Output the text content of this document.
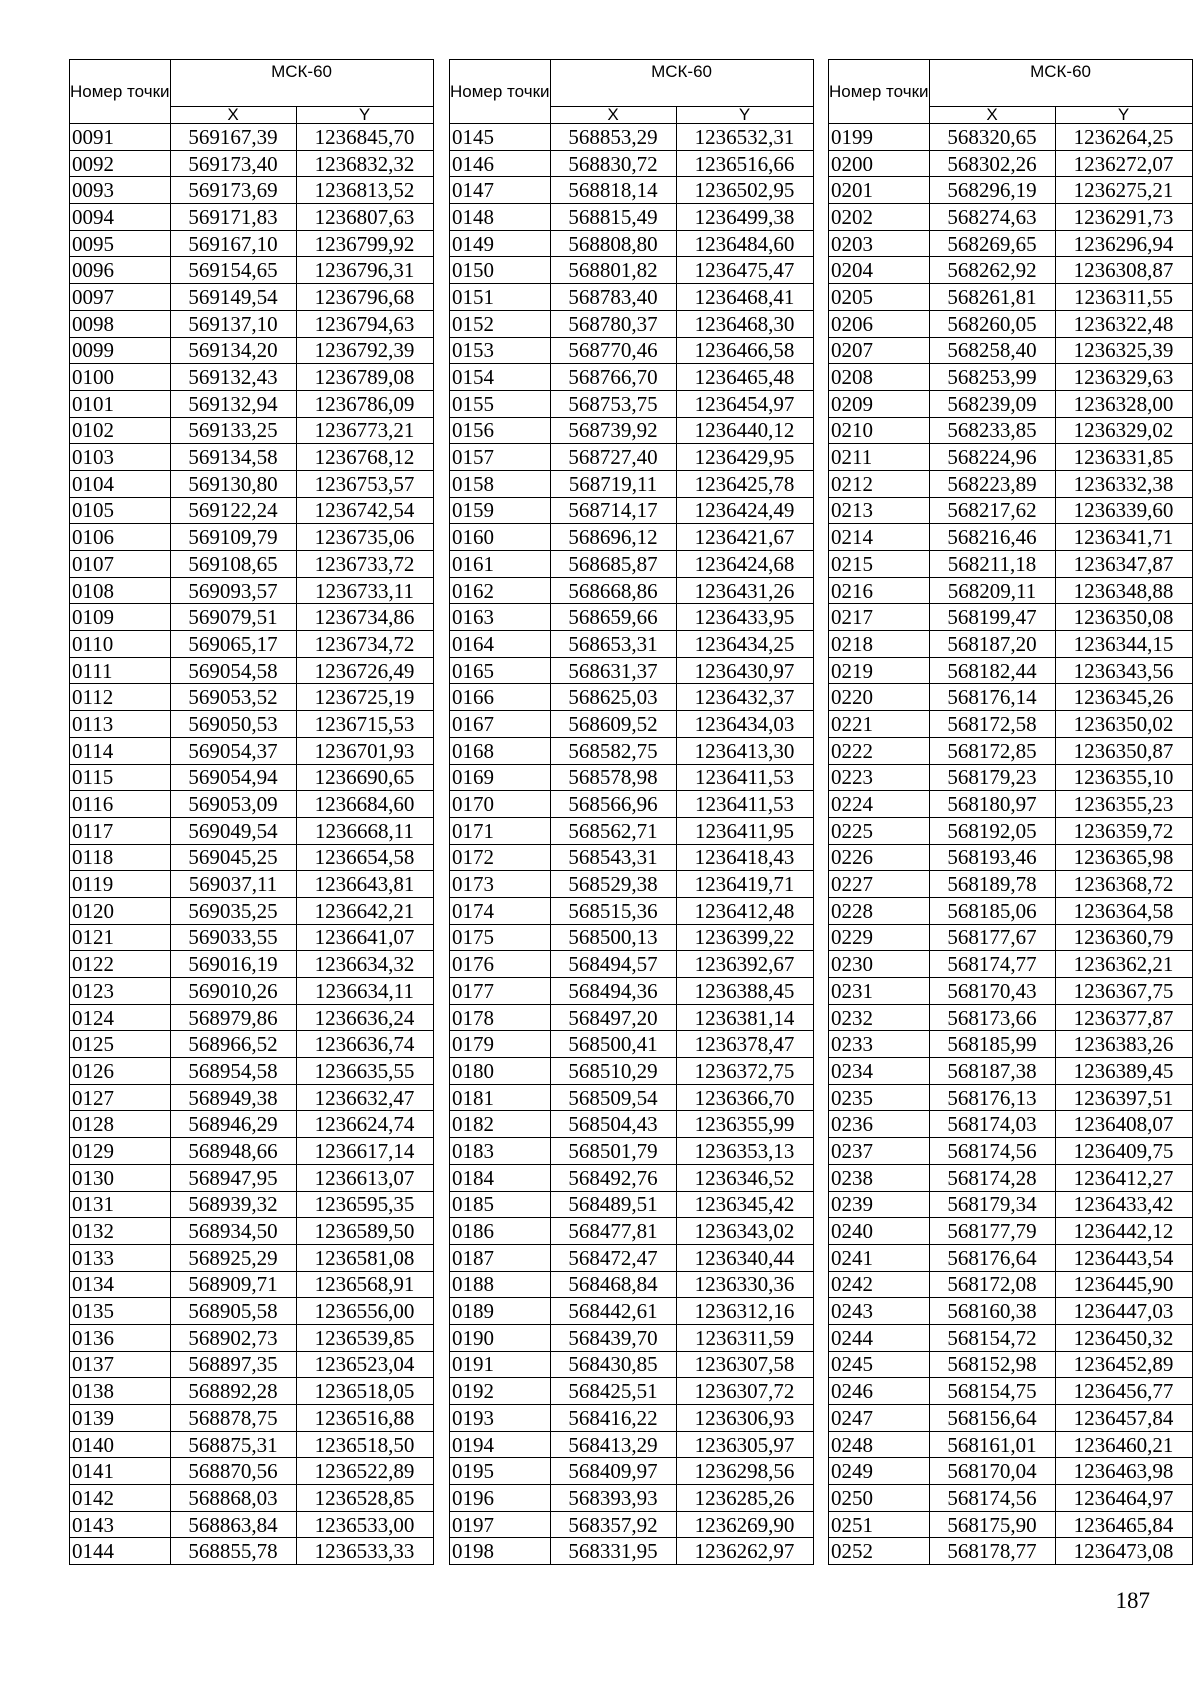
Номер точки	МСК-60	
	X	Y
0091	569167,39	1236845,70
0092	569173,40	1236832,32
0093	569173,69	1236813,52
0094	569171,83	1236807,63
0095	569167,10	1236799,92
0096	569154,65	1236796,31
0097	569149,54	1236796,68
0098	569137,10	1236794,63
0099	569134,20	1236792,39
0100	569132,43	1236789,08
0101	569132,94	1236786,09
0102	569133,25	1236773,21
0103	569134,58	1236768,12
0104	569130,80	1236753,57
0105	569122,24	1236742,54
0106	569109,79	1236735,06
0107	569108,65	1236733,72
0108	569093,57	1236733,11
0109	569079,51	1236734,86
0110	569065,17	1236734,72
0111	569054,58	1236726,49
0112	569053,52	1236725,19
0113	569050,53	1236715,53
0114	569054,37	1236701,93
0115	569054,94	1236690,65
0116	569053,09	1236684,60
0117	569049,54	1236668,11
0118	569045,25	1236654,58
0119	569037,11	1236643,81
0120	569035,25	1236642,21
0121	569033,55	1236641,07
0122	569016,19	1236634,32
0123	569010,26	1236634,11
0124	568979,86	1236636,24
0125	568966,52	1236636,74
0126	568954,58	1236635,55
0127	568949,38	1236632,47
0128	568946,29	1236624,74
0129	568948,66	1236617,14
0130	568947,95	1236613,07
0131	568939,32	1236595,35
0132	568934,50	1236589,50
0133	568925,29	1236581,08
0134	568909,71	1236568,91
0135	568905,58	1236556,00
0136	568902,73	1236539,85
0137	568897,35	1236523,04
0138	568892,28	1236518,05
0139	568878,75	1236516,88
0140	568875,31	1236518,50
0141	568870,56	1236522,89
0142	568868,03	1236528,85
0143	568863,84	1236533,00
0144	568855,78	1236533,33
Номер точки	МСК-60	
	X	Y
0145	568853,29	1236532,31
0146	568830,72	1236516,66
0147	568818,14	1236502,95
0148	568815,49	1236499,38
0149	568808,80	1236484,60
0150	568801,82	1236475,47
0151	568783,40	1236468,41
0152	568780,37	1236468,30
0153	568770,46	1236466,58
0154	568766,70	1236465,48
0155	568753,75	1236454,97
0156	568739,92	1236440,12
0157	568727,40	1236429,95
0158	568719,11	1236425,78
0159	568714,17	1236424,49
0160	568696,12	1236421,67
0161	568685,87	1236424,68
0162	568668,86	1236431,26
0163	568659,66	1236433,95
0164	568653,31	1236434,25
0165	568631,37	1236430,97
0166	568625,03	1236432,37
0167	568609,52	1236434,03
0168	568582,75	1236413,30
0169	568578,98	1236411,53
0170	568566,96	1236411,53
0171	568562,71	1236411,95
0172	568543,31	1236418,43
0173	568529,38	1236419,71
0174	568515,36	1236412,48
0175	568500,13	1236399,22
0176	568494,57	1236392,67
0177	568494,36	1236388,45
0178	568497,20	1236381,14
0179	568500,41	1236378,47
0180	568510,29	1236372,75
0181	568509,54	1236366,70
0182	568504,43	1236355,99
0183	568501,79	1236353,13
0184	568492,76	1236346,52
0185	568489,51	1236345,42
0186	568477,81	1236343,02
0187	568472,47	1236340,44
0188	568468,84	1236330,36
0189	568442,61	1236312,16
0190	568439,70	1236311,59
0191	568430,85	1236307,58
0192	568425,51	1236307,72
0193	568416,22	1236306,93
0194	568413,29	1236305,97
0195	568409,97	1236298,56
0196	568393,93	1236285,26
0197	568357,92	1236269,90
0198	568331,95	1236262,97
Номер точки	МСК-60	
	X	Y
0199	568320,65	1236264,25
0200	568302,26	1236272,07
0201	568296,19	1236275,21
0202	568274,63	1236291,73
0203	568269,65	1236296,94
0204	568262,92	1236308,87
0205	568261,81	1236311,55
0206	568260,05	1236322,48
0207	568258,40	1236325,39
0208	568253,99	1236329,63
0209	568239,09	1236328,00
0210	568233,85	1236329,02
0211	568224,96	1236331,85
0212	568223,89	1236332,38
0213	568217,62	1236339,60
0214	568216,46	1236341,71
0215	568211,18	1236347,87
0216	568209,11	1236348,88
0217	568199,47	1236350,08
0218	568187,20	1236344,15
0219	568182,44	1236343,56
0220	568176,14	1236345,26
0221	568172,58	1236350,02
0222	568172,85	1236350,87
0223	568179,23	1236355,10
0224	568180,97	1236355,23
0225	568192,05	1236359,72
0226	568193,46	1236365,98
0227	568189,78	1236368,72
0228	568185,06	1236364,58
0229	568177,67	1236360,79
0230	568174,77	1236362,21
0231	568170,43	1236367,75
0232	568173,66	1236377,87
0233	568185,99	1236383,26
0234	568187,38	1236389,45
0235	568176,13	1236397,51
0236	568174,03	1236408,07
0237	568174,56	1236409,75
0238	568174,28	1236412,27
0239	568179,34	1236433,42
0240	568177,79	1236442,12
0241	568176,64	1236443,54
0242	568172,08	1236445,90
0243	568160,38	1236447,03
0244	568154,72	1236450,32
0245	568152,98	1236452,89
0246	568154,75	1236456,77
0247	568156,64	1236457,84
0248	568161,01	1236460,21
0249	568170,04	1236463,98
0250	568174,56	1236464,97
0251	568175,90	1236465,84
0252	568178,77	1236473,08
187
